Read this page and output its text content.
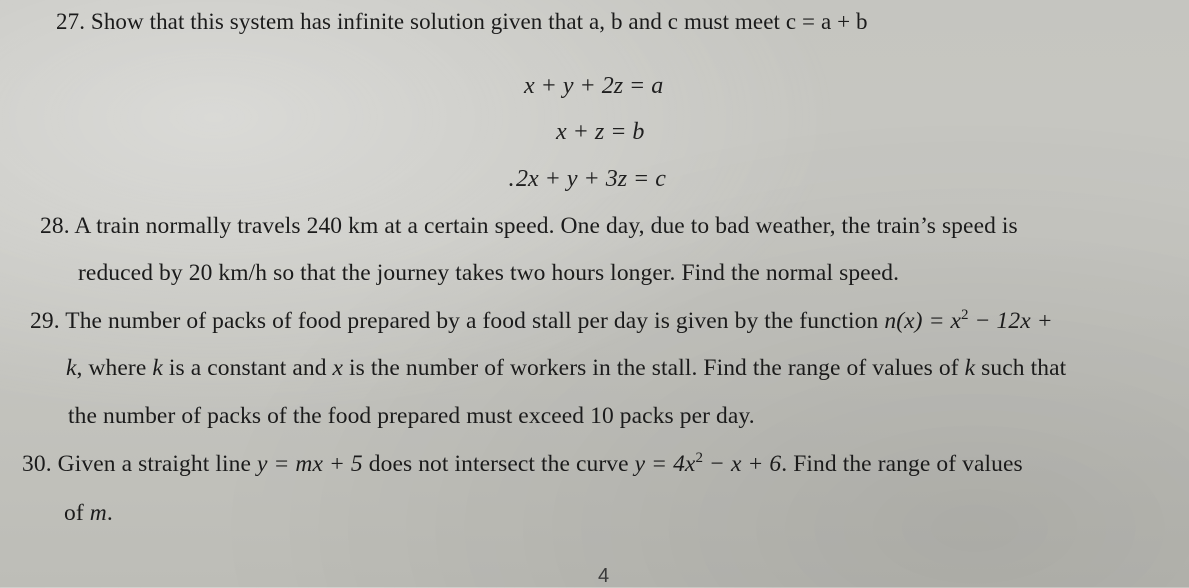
27. Show that this system has infinite solution given that a, b and c must meet c = a + b
x + y + 2z = a
x + z = b
.2x + y + 3z = c
28. A train normally travels 240 km at a certain speed. One day, due to bad weather, the train’s speed is
reduced by 20 km/h so that the journey takes two hours longer. Find the normal speed.
29. The number of packs of food prepared by a food stall per day is given by the function $n(x) = x^2 - 12x$ +
k, where k is a constant and x is the number of workers in the stall. Find the range of values of k such that
the number of packs of the food prepared must exceed 10 packs per day.
30. Given a straight line y = mx + 5 does not intersect the curve $y = 4x^2 - x + 6$. Find the range of values
of m.
4
